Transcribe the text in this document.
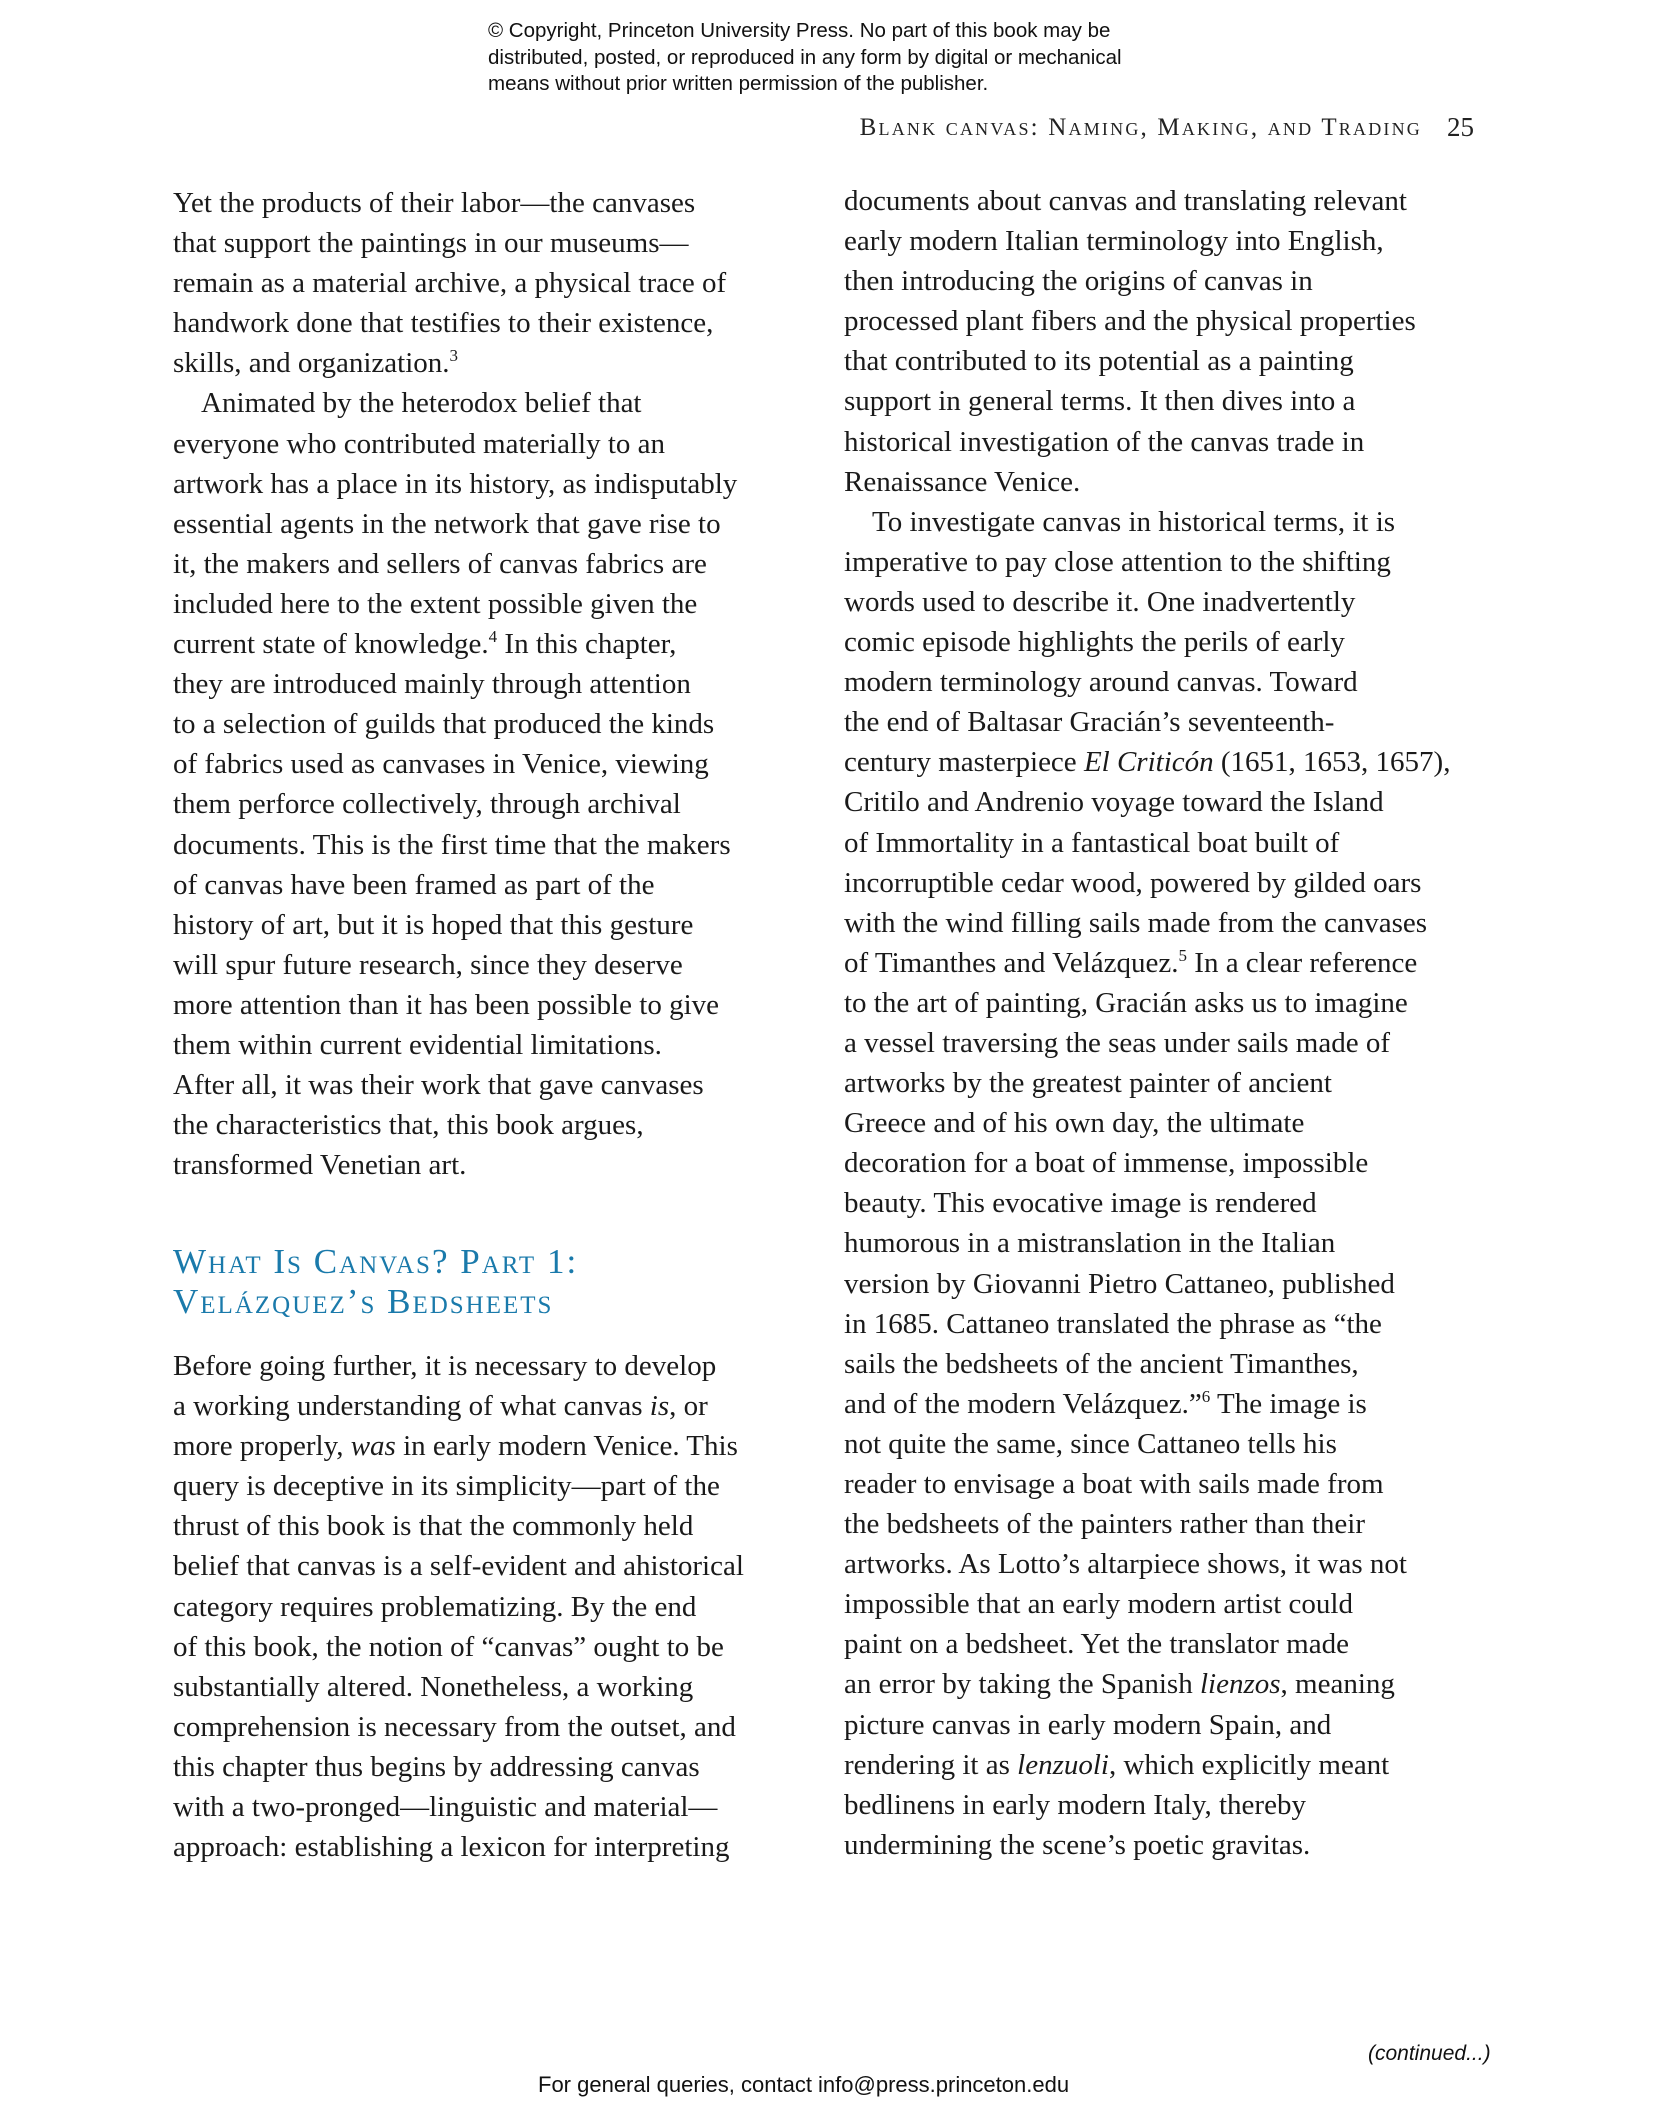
© Copyright, Princeton University Press. No part of this book may be
distributed, posted, or reproduced in any form by digital or mechanical
means without prior written permission of the publisher.
Blank canvas: Naming, Making, and Trading 25
Yet the products of their labor—the canvases
that support the paintings in our museums—
remain as a material archive, a physical trace of
handwork done that testifies to their existence,
skills, and organization.$^3$
Animated by the heterodox belief that
everyone who contributed materially to an
artwork has a place in its history, as indisputably
essential agents in the network that gave rise to
it, the makers and sellers of canvas fabrics are
included here to the extent possible given the
current state of knowledge.$^4$ In this chapter,
they are introduced mainly through attention
to a selection of guilds that produced the kinds
of fabrics used as canvases in Venice, viewing
them perforce collectively, through archival
documents. This is the first time that the makers
of canvas have been framed as part of the
history of art, but it is hoped that this gesture
will spur future research, since they deserve
more attention than it has been possible to give
them within current evidential limitations.
After all, it was their work that gave canvases
the characteristics that, this book argues,
transformed Venetian art.
What Is Canvas? Part 1:
Velázquez’s Bedsheets
Before going further, it is necessary to develop
a working understanding of what canvas is, or
more properly, was in early modern Venice. This
query is deceptive in its simplicity—part of the
thrust of this book is that the commonly held
belief that canvas is a self-evident and ahistorical
category requires problematizing. By the end
of this book, the notion of “canvas” ought to be
substantially altered. Nonetheless, a working
comprehension is necessary from the outset, and
this chapter thus begins by addressing canvas
with a two-pronged—linguistic and material—
approach: establishing a lexicon for interpreting
documents about canvas and translating relevant
early modern Italian terminology into English,
then introducing the origins of canvas in
processed plant fibers and the physical properties
that contributed to its potential as a painting
support in general terms. It then dives into a
historical investigation of the canvas trade in
Renaissance Venice.
To investigate canvas in historical terms, it is
imperative to pay close attention to the shifting
words used to describe it. One inadvertently
comic episode highlights the perils of early
modern terminology around canvas. Toward
the end of Baltasar Gracián’s seventeenth-
century masterpiece El Criticón (1651, 1653, 1657),
Critilo and Andrenio voyage toward the Island
of Immortality in a fantastical boat built of
incorruptible cedar wood, powered by gilded oars
with the wind filling sails made from the canvases
of Timanthes and Velázquez.$^5$ In a clear reference
to the art of painting, Gracián asks us to imagine
a vessel traversing the seas under sails made of
artworks by the greatest painter of ancient
Greece and of his own day, the ultimate
decoration for a boat of immense, impossible
beauty. This evocative image is rendered
humorous in a mistranslation in the Italian
version by Giovanni Pietro Cattaneo, published
in 1685. Cattaneo translated the phrase as “the
sails the bedsheets of the ancient Timanthes,
and of the modern Velázquez.”$^6$ The image is
not quite the same, since Cattaneo tells his
reader to envisage a boat with sails made from
the bedsheets of the painters rather than their
artworks. As Lotto’s altarpiece shows, it was not
impossible that an early modern artist could
paint on a bedsheet. Yet the translator made
an error by taking the Spanish lienzos, meaning
picture canvas in early modern Spain, and
rendering it as lenzuoli, which explicitly meant
bedlinens in early modern Italy, thereby
undermining the scene’s poetic gravitas.
(continued...)
For general queries, contact info@press.princeton.edu
